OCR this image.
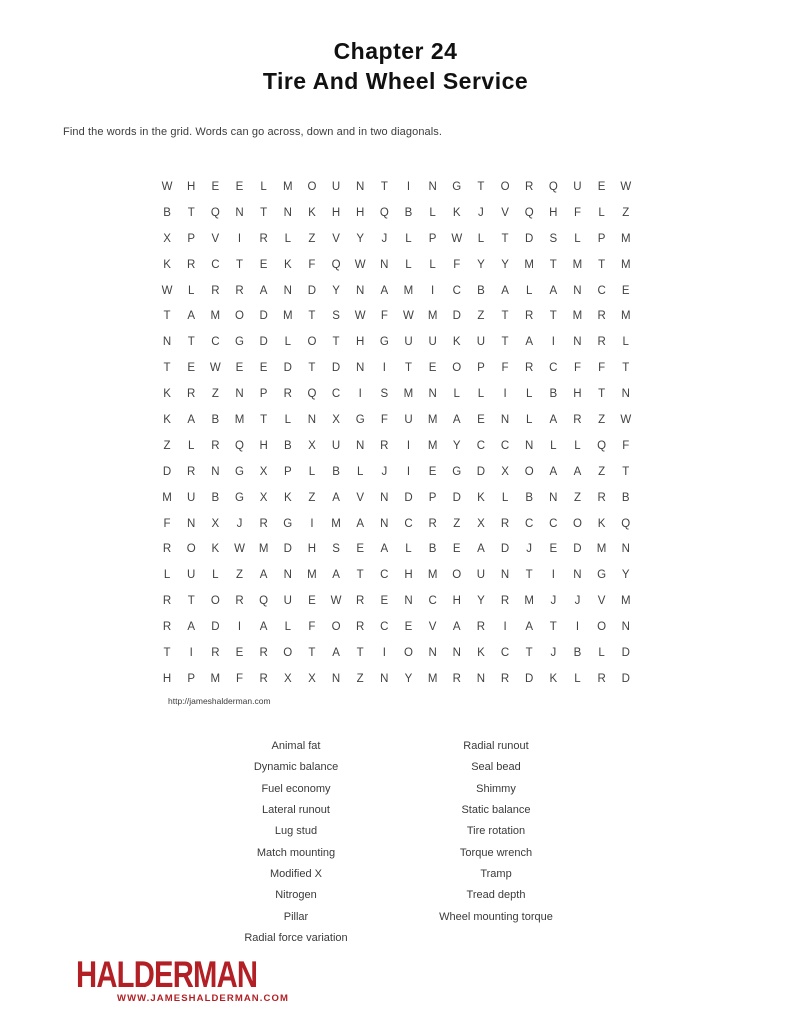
Chapter 24
Tire And Wheel Service
Find the words in the grid. Words can go across, down and in two diagonals.
W	H	E	E	L	M	O	U	N	T	I	N	G	T	O	R	Q	U	E	W
B	T	Q	N	T	N	K	H	H	Q	B	L	K	J	V	Q	H	F	L	Z
X	P	V	I	R	L	Z	V	Y	J	L	P	W	L	T	D	S	L	P	M
K	R	C	T	E	K	F	Q	W	N	L	L	F	Y	Y	M	T	M	T	M
W	L	R	R	A	N	D	Y	N	A	M	I	C	B	A	L	A	N	C	E
T	A	M	O	D	M	T	S	W	F	W	M	D	Z	T	R	T	M	R	M
N	T	C	G	D	L	O	T	H	G	U	U	K	U	T	A	I	N	R	L
T	E	W	E	E	D	T	D	N	I	T	E	O	P	F	R	C	F	F	T
K	R	Z	N	P	R	Q	C	I	S	M	N	L	L	I	L	B	H	T	N
K	A	B	M	T	L	N	X	G	F	U	M	A	E	N	L	A	R	Z	W
Z	L	R	Q	H	B	X	U	N	R	I	M	Y	C	C	N	L	L	Q	F
D	R	N	G	X	P	L	B	L	J	I	E	G	D	X	O	A	A	Z	T
M	U	B	G	X	K	Z	A	V	N	D	P	D	K	L	B	N	Z	R	B
F	N	X	J	R	G	I	M	A	N	C	R	Z	X	R	C	C	O	K	Q
R	O	K	W	M	D	H	S	E	A	L	B	E	A	D	J	E	D	M	N
L	U	L	Z	A	N	M	A	T	C	H	M	O	U	N	T	I	N	G	Y
R	T	O	R	Q	U	E	W	R	E	N	C	H	Y	R	M	J	J	V	M
R	A	D	I	A	L	F	O	R	C	E	V	A	R	I	A	T	I	O	N
T	I	R	E	R	O	T	A	T	I	O	N	N	K	C	T	J	B	L	D
H	P	M	F	R	X	X	N	Z	N	Y	M	R	N	R	D	K	L	R	D
http://jameshalderman.com
Animal fat
Dynamic balance
Fuel economy
Lateral runout
Lug stud
Match mounting
Modified X
Nitrogen
Pillar
Radial force variation
Radial runout
Seal bead
Shimmy
Static balance
Tire rotation
Torque wrench
Tramp
Tread depth
Wheel mounting torque
HALDERMAN
WWW.JAMESHALDERMAN.COM
